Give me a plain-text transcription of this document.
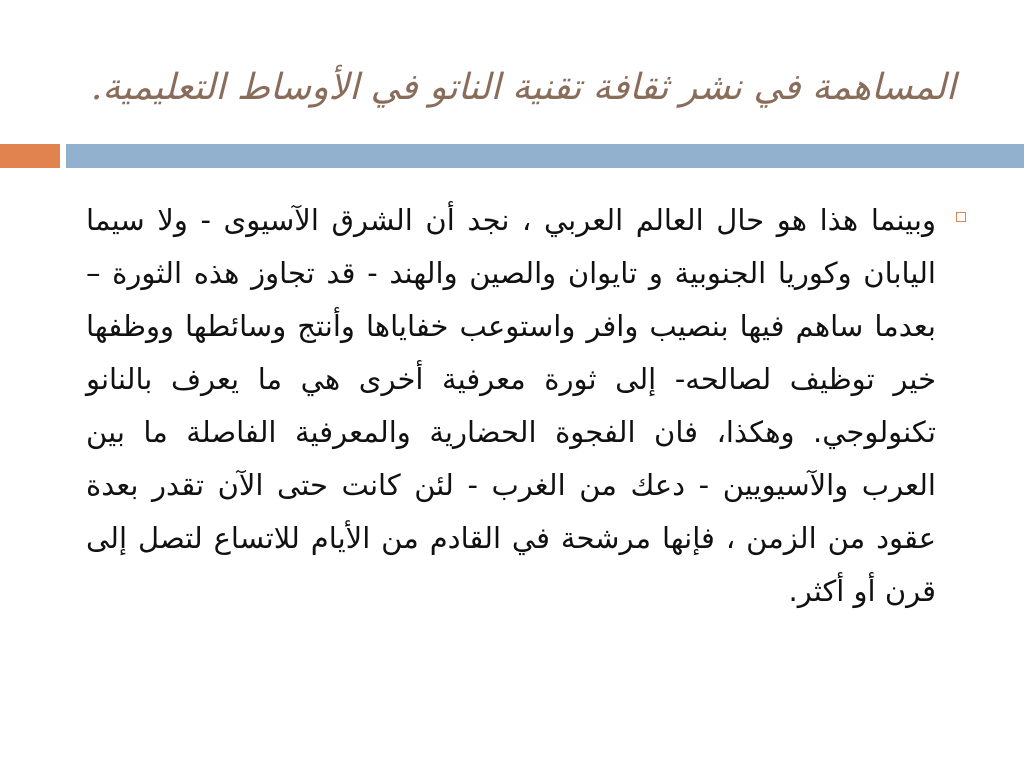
المساهمة في نشر ثقافة تقنية الناتو في الأوساط التعليمية.
وبينما هذا هو حال العالم العربي ، نجد أن الشرق الآسيوى - ولا سيما اليابان وكوريا الجنوبية و تايوان والصين والهند - قد تجاوز هذه الثورة – بعدما ساهم فيها بنصيب وافر واستوعب خفاياها وأنتج وسائطها ووظفها خير توظيف لصالحه- إلى ثورة معرفية أخرى هي ما يعرف بالنانو تكنولوجي. وهكذا، فان الفجوة الحضارية والمعرفية الفاصلة ما بين العرب والآسيويين - دعك من الغرب - لئن كانت حتى الآن تقدر بعدة عقود من الزمن ، فإنها مرشحة في القادم من الأيام للاتساع لتصل إلى قرن أو أكثر.
